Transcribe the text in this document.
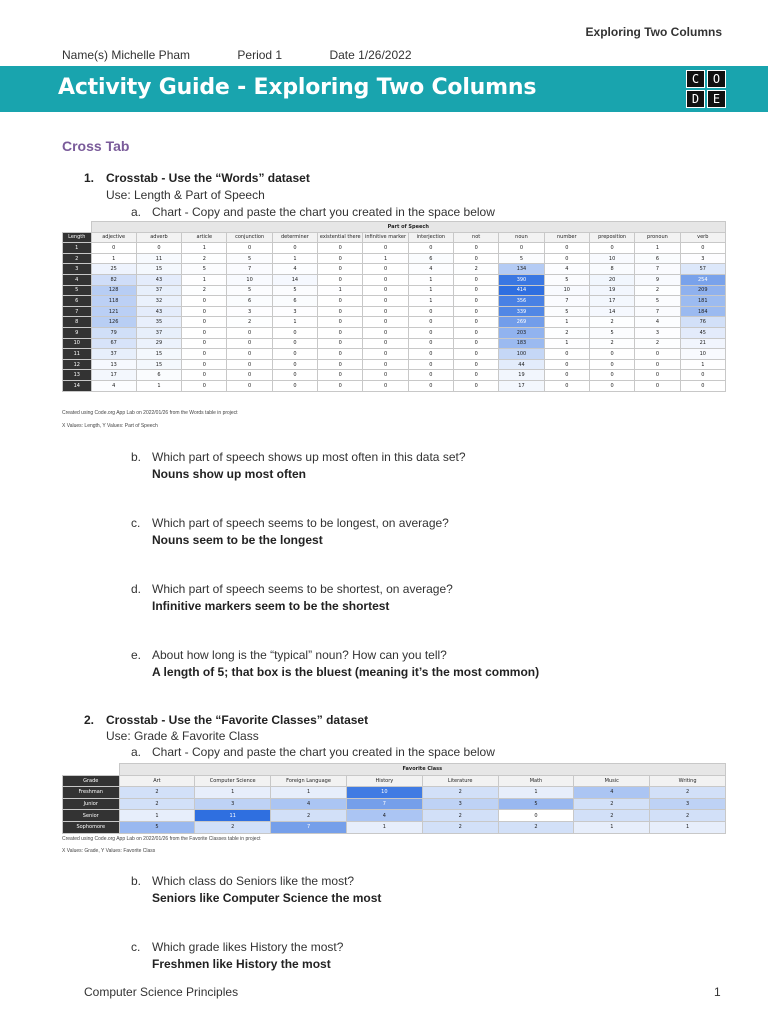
Exploring Two Columns
Name(s) Michelle Pham	Period 1	Date 1/26/2022
Activity Guide - Exploring Two Columns	C	O
D	E
Cross Tab
1. Crosstab - Use the “Words” dataset
Use: Length & Part of Speech
a. Chart - Copy and paste the chart you created in the space below
	Part of Speech													
Length	adjective	adverb	article	conjunction	determiner	existential there	infinitive marker	interjection	not	noun	number	preposition	pronoun	verb
1	0	0	1	0	0	0	0	0	0	0	0	0	1	0
2	1	11	2	5	1	0	1	6	0	5	0	10	6	3
3	25	15	5	7	4	0	0	4	2	134	4	8	7	57
4	82	43	1	10	14	0	0	1	0	390	5	20	9	254
5	128	37	2	5	5	1	0	1	0	414	10	19	2	209
6	118	32	0	6	6	0	0	1	0	356	7	17	5	181
7	121	43	0	3	3	0	0	0	0	339	5	14	7	184
8	126	35	0	2	1	0	0	0	0	269	1	2	4	76
9	79	37	0	0	0	0	0	0	0	203	2	5	3	45
10	67	29	0	0	0	0	0	0	0	183	1	2	2	21
11	37	15	0	0	0	0	0	0	0	100	0	0	0	10
12	13	15	0	0	0	0	0	0	0	44	0	0	0	1
13	17	6	0	0	0	0	0	0	0	19	0	0	0	0
14	4	1	0	0	0	0	0	0	0	17	0	0	0	0
Created using Code.org App Lab on 2022/01/26 from the Words table in project
X Values: Length, Y Values: Part of Speech
b. Which part of speech shows up most often in this data set?
Nouns show up most often
c. Which part of speech seems to be longest, on average?
Nouns seem to be the longest
d. Which part of speech seems to be shortest, on average?
Infinitive markers seem to be the shortest
e. About how long is the “typical” noun? How can you tell?
A length of 5; that box is the bluest (meaning it’s the most common)
2. Crosstab - Use the “Favorite Classes” dataset
Use: Grade & Favorite Class
a. Chart - Copy and paste the chart you created in the space below
	Favorite Class							
Grade	Art	Computer Science	Foreign Language	History	Literature	Math	Music	Writing
Freshman	2	1	1	10	2	1	4	2
Junior	2	3	4	7	3	5	2	3
Senior	1	11	2	4	2	0	2	2
Sophomore	5	2	7	1	2	2	1	1
Created using Code.org App Lab on 2022/01/26 from the Favorite Classes table in project
X Values: Grade, Y Values: Favorite Class
b. Which class do Seniors like the most?
Seniors like Computer Science the most
c. Which grade likes History the most?
Freshmen like History the most
Computer Science Principles	1
